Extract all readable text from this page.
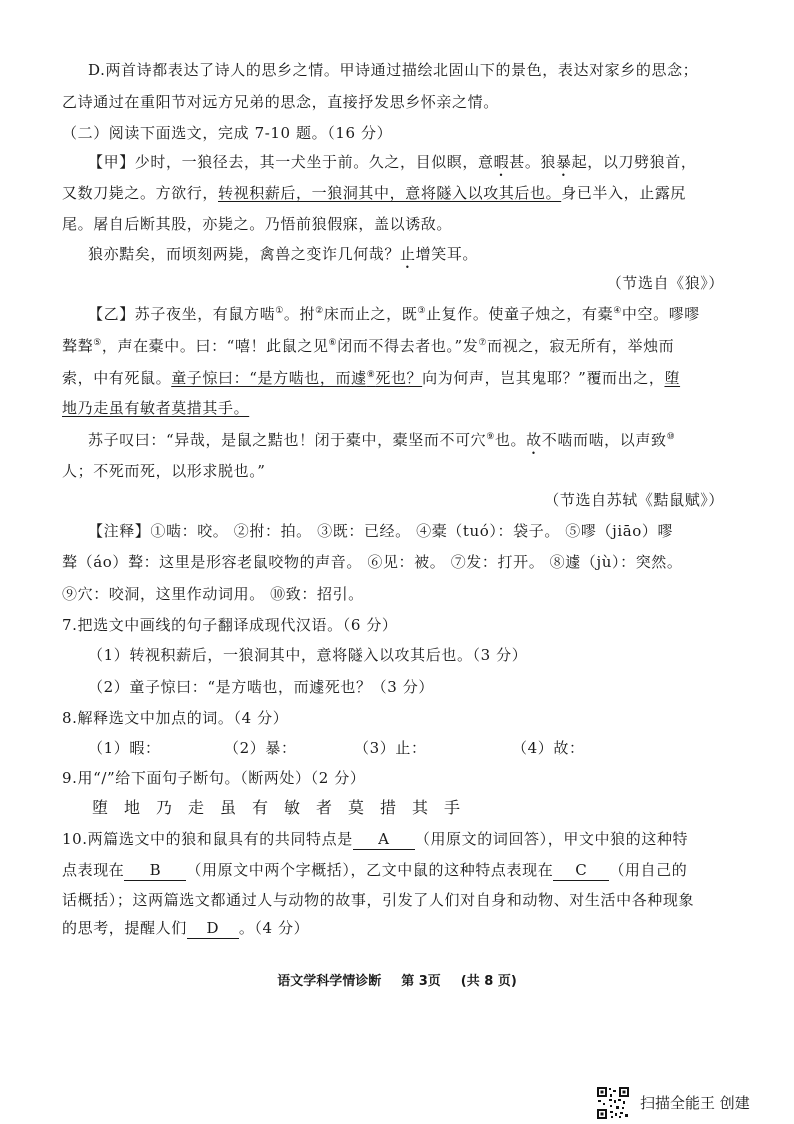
D.两首诗都表达了诗人的思乡之情。甲诗通过描绘北固山下的景色，表达对家乡的思念；
乙诗通过在重阳节对远方兄弟的思念，直接抒发思乡怀亲之情。
（二）阅读下面选文，完成 7-10 题。（16 分）
【甲】少时，一狼径去，其一犬坐于前。久之，目似瞑，意暇甚。狼暴起，以刀劈狼首，
又数刀毙之。方欲行，转视积薪后，一狼洞其中，意将隧入以攻其后也。身已半入，止露尻
尾。屠自后断其股，亦毙之。乃悟前狼假寐，盖以诱敌。
狼亦黠矣，而顷刻两毙，禽兽之变诈几何哉？止增笑耳。
（节选自《狼》）
【乙】苏子夜坐，有鼠方啮①。拊②床而止之，既③止复作。使童子烛之，有橐④中空。嘐嘐
聱聱⑤，声在橐中。曰：“嘻！此鼠之见⑥闭而不得去者也。”发⑦而视之，寂无所有，举烛而
索，中有死鼠。童子惊曰：“是方啮也，而遽⑧死也？向为何声，岂其鬼耶？”覆而出之，堕
地乃走虽有敏者莫措其手。
苏子叹曰：“异哉，是鼠之黠也！闭于橐中，橐坚而不可穴⑨也。故不啮而啮，以声致⑩
人；不死而死，以形求脱也。”
（节选自苏轼《黠鼠赋》）
【注释】①啮：咬。 ②拊：拍。 ③既：已经。 ④橐（tuó）：袋子。 ⑤嘐（jiāo）嘐
聱（áo）聱：这里是形容老鼠咬物的声音。 ⑥见：被。 ⑦发：打开。 ⑧遽（jù）：突然。
⑨穴：咬洞，这里作动词用。 ⑩致：招引。
7.把选文中画线的句子翻译成现代汉语。（6 分）
（1）转视积薪后，一狼洞其中，意将隧入以攻其后也。（3 分）
（2）童子惊曰：“是方啮也，而遽死也？（3 分）
8.解释选文中加点的词。（4 分）
（1）暇：	（2）暴：	（3）止：	（4）故：
9.用“/”给下面句子断句。（断两处）（2 分）
堕地乃走虽有敏者莫措其手
10.两篇选文中的狼和鼠具有的共同特点是 A （用原文的词回答），甲文中狼的这种特
点表现在 B （用原文中两个字概括），乙文中鼠的这种特点表现在 C （用自己的
话概括）；这两篇选文都通过人与动物的故事，引发了人们对自身和动物、对生活中各种现象
的思考，提醒人们 D 。（4 分）
语文学科学情诊断 第 3页 (共 8 页)
扫描全能王 创建
